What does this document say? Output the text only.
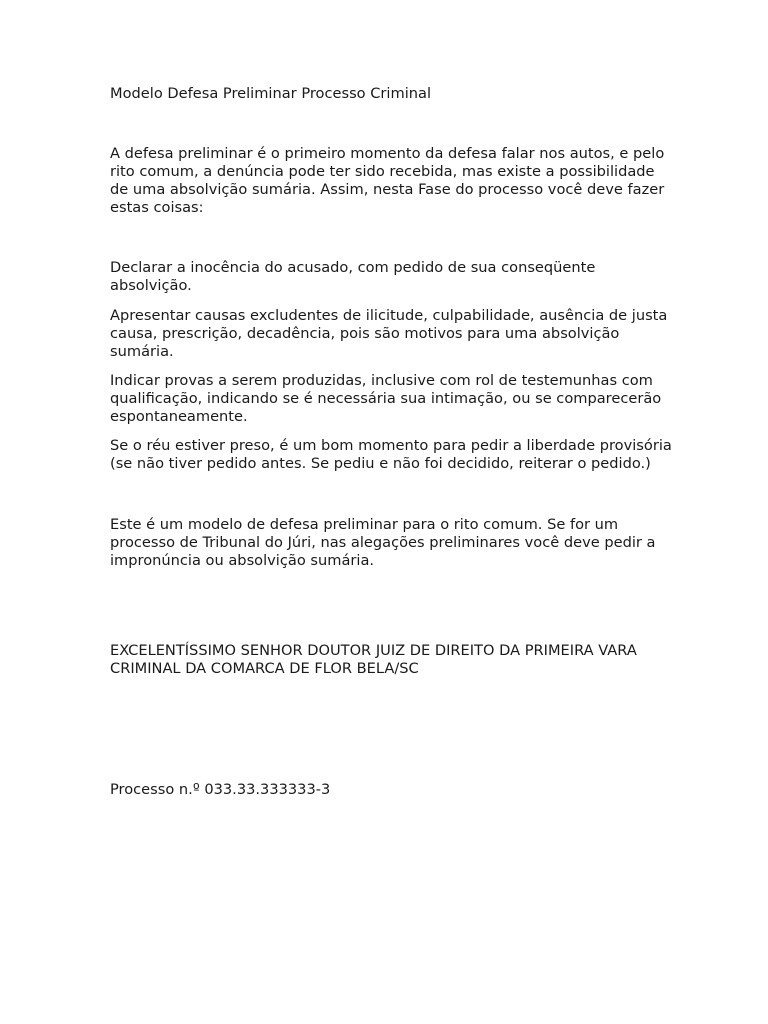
Modelo Defesa Preliminar Processo Criminal

A defesa preliminar é o primeiro momento da defesa falar nos autos, e pelo
rito comum, a denúncia pode ter sido recebida, mas existe a possibilidade
de uma absolvição sumária. Assim, nesta Fase do processo você deve fazer
estas coisas:

Declarar a inocência do acusado, com pedido de sua conseqüente
absolvição.

Apresentar causas excludentes de ilicitude, culpabilidade, ausência de justa
causa, prescrição, decadência, pois são motivos para uma absolvição
sumária.

Indicar provas a serem produzidas, inclusive com rol de testemunhas com
qualificação, indicando se é necessária sua intimação, ou se comparecerão
espontaneamente.

Se o réu estiver preso, é um bom momento para pedir a liberdade provisória
(se não tiver pedido antes. Se pediu e não foi decidido, reiterar o pedido.)

Este é um modelo de defesa preliminar para o rito comum. Se for um
processo de Tribunal do Júri, nas alegações preliminares você deve pedir a
impronúncia ou absolvição sumária.

EXCELENTÍSSIMO SENHOR DOUTOR JUIZ DE DIREITO DA PRIMEIRA VARA
CRIMINAL DA COMARCA DE FLOR BELA/SC

Processo n.º 033.33.333333-3
